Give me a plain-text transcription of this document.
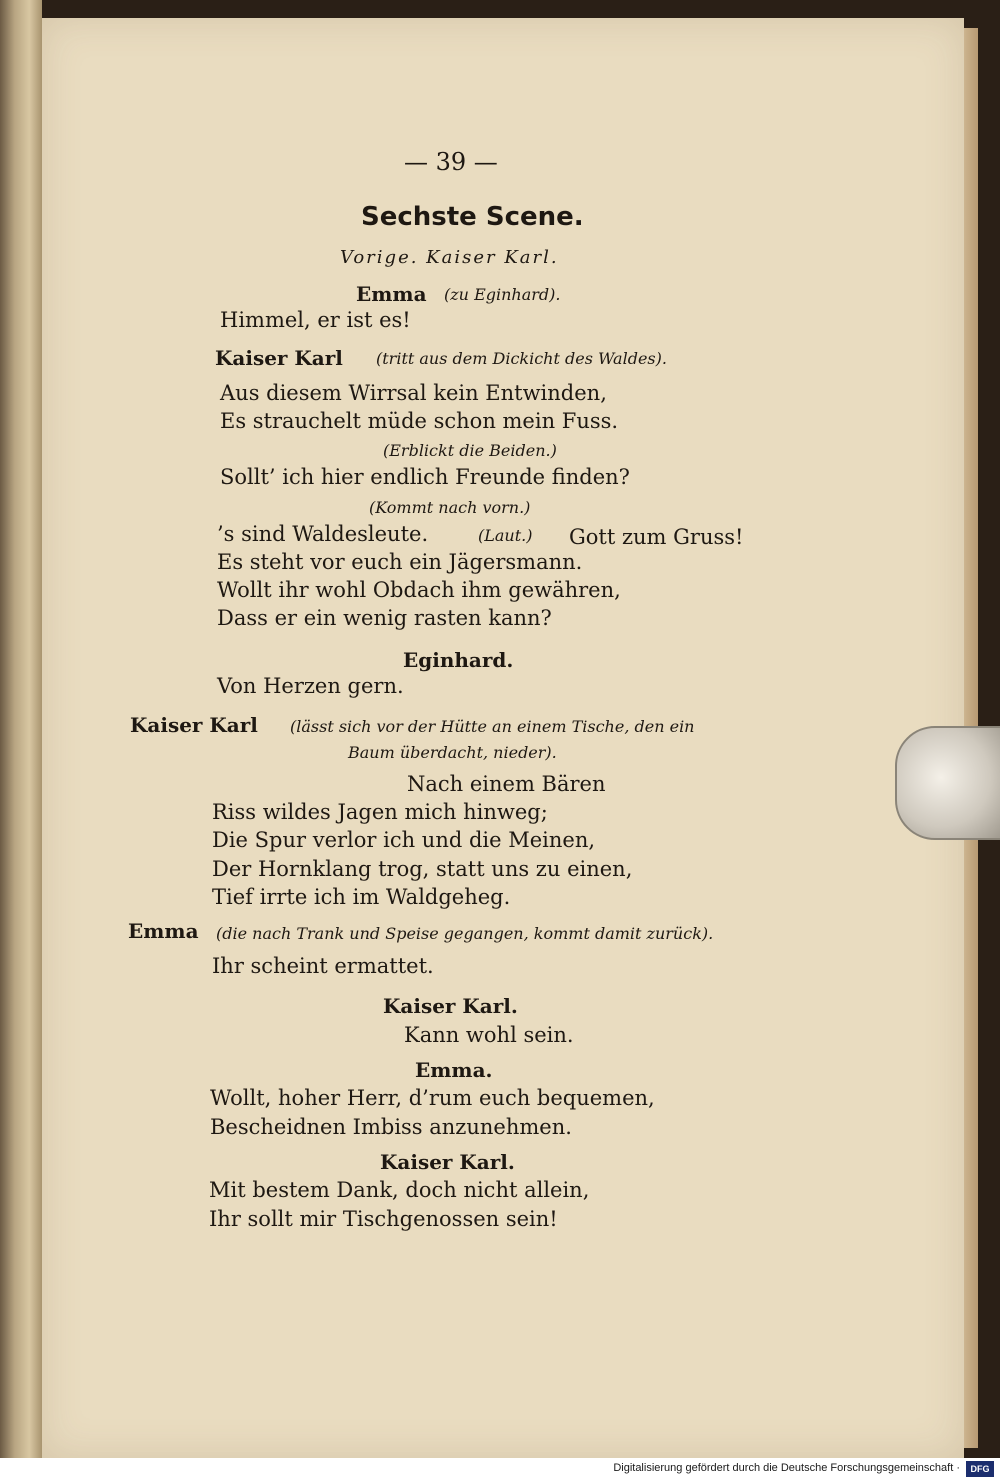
— 39 —
Sechste Scene.
Vorige. Kaiser Karl.
Emma (zu Eginhard).
Himmel, er ist es!
Kaiser Karl (tritt aus dem Dickicht des Waldes).
Aus diesem Wirrsal kein Entwinden,
Es strauchelt müde schon mein Fuss.
(Erblickt die Beiden.)
Sollt’ ich hier endlich Freunde finden?
(Kommt nach vorn.)
’s sind Waldesleute.	(Laut.) Gott zum Gruss!
Es steht vor euch ein Jägersmann.
Wollt ihr wohl Obdach ihm gewähren,
Dass er ein wenig rasten kann?
Eginhard.
Von Herzen gern.
Kaiser Karl (lässt sich vor der Hütte an einem Tische, den ein
Baum überdacht, nieder).
Nach einem Bären
Riss wildes Jagen mich hinweg;
Die Spur verlor ich und die Meinen,
Der Hornklang trog, statt uns zu einen,
Tief irrte ich im Waldgeheg.
Emma (die nach Trank und Speise gegangen, kommt damit zurück).
Ihr scheint ermattet.
Kaiser Karl.
Kann wohl sein.
Emma.
Wollt, hoher Herr, d’rum euch bequemen,
Bescheidnen Imbiss anzunehmen.
Kaiser Karl.
Mit bestem Dank, doch nicht allein,
Ihr sollt mir Tischgenossen sein!
Digitalisierung gefördert durch die Deutsche Forschungsgemeinschaft ·	DFG
